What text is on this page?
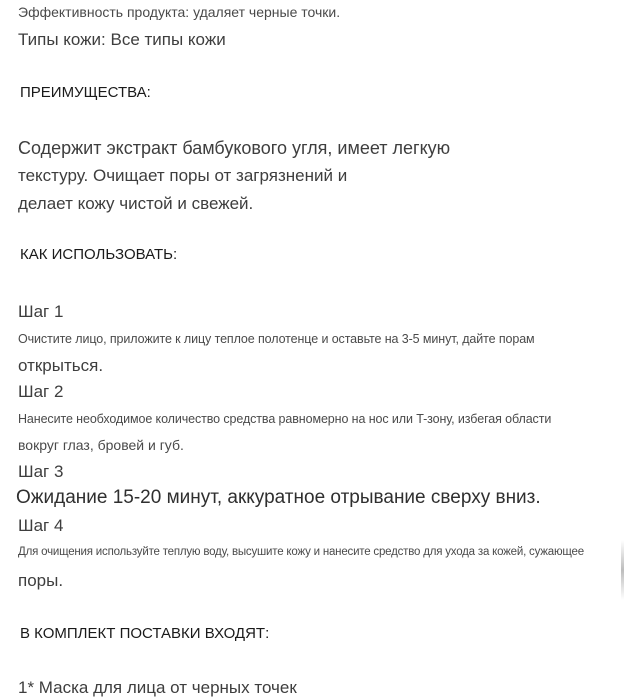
Эффективность продукта: удаляет черные точки.
Типы кожи: Все типы кожи
ПРЕИМУЩЕСТВА:
Содержит экстракт бамбукового угля, имеет легкую
текстуру. Очищает поры от загрязнений и
делает кожу чистой и свежей.
КАК ИСПОЛЬЗОВАТЬ:
Шаг 1
Очистите лицо, приложите к лицу теплое полотенце и оставьте на 3-5 минут, дайте порам
открыться.
Шаг 2
Нанесите необходимое количество средства равномерно на нос или T-зону, избегая области
вокруг глаз, бровей и губ.
Шаг 3
Ожидание 15-20 минут, аккуратное отрывание сверху вниз.
Шаг 4
Для очищения используйте теплую воду, высушите кожу и нанесите средство для ухода за кожей, сужающее
поры.
В КОМПЛЕКТ ПОСТАВКИ ВХОДЯТ:
1* Маска для лица от черных точек
